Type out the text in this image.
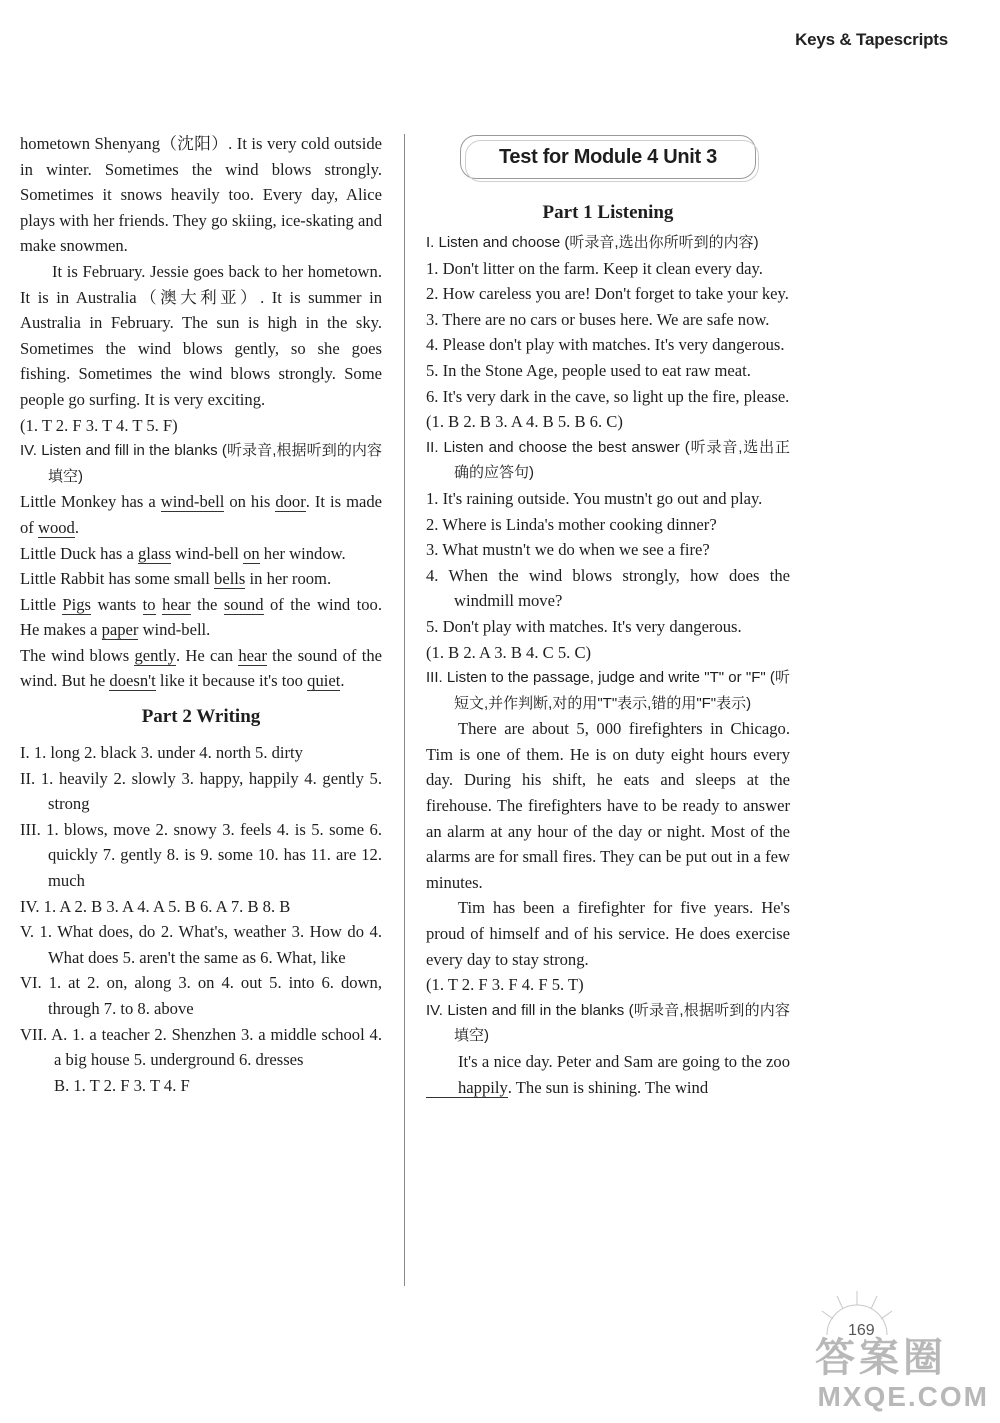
Keys & Tapescripts

hometown Shenyang（沈阳）. It is very cold outside in winter. Sometimes the wind blows strongly. Sometimes it snows heavily too. Every day, Alice plays with her friends. They go skiing, ice-skating and make snowmen.

It is February. Jessie goes back to her hometown. It is in Australia（澳大利亚）. It is summer in Australia in February. The sun is high in the sky. Sometimes the wind blows gently, so she goes fishing. Sometimes the wind blows strongly. Some people go surfing. It is very exciting.

(1. T 2. F 3. T 4. T 5. F)

IV. Listen and fill in the blanks (听录音,根据听到的内容填空)

Little Monkey has a wind-bell on his door. It is made of wood.

Little Duck has a glass wind-bell on her window.

Little Rabbit has some small bells in her room.

Little Pigs wants to hear the sound of the wind too. He makes a paper wind-bell.

The wind blows gently. He can hear the sound of the wind. But he doesn't like it because it's too quiet.

Part 2 Writing

I. 1. long 2. black 3. under 4. north 5. dirty

II. 1. heavily 2. slowly 3. happy, happily 4. gently 5. strong

III. 1. blows, move 2. snowy 3. feels 4. is 5. some 6. quickly 7. gently 8. is 9. some 10. has 11. are 12. much

IV. 1. A 2. B 3. A 4. A 5. B 6. A 7. B 8. B

V. 1. What does, do 2. What's, weather 3. How do 4. What does 5. aren't the same as 6. What, like

VI. 1. at 2. on, along 3. on 4. out 5. into 6. down, through 7. to 8. above

VII. A. 1. a teacher 2. Shenzhen 3. a middle school 4. a big house 5. underground 6. dresses

B. 1. T 2. F 3. T 4. F

Test for Module 4 Unit 3

Part 1 Listening

I. Listen and choose (听录音,选出你所听到的内容)

1. Don't litter on the farm. Keep it clean every day.

2. How careless you are! Don't forget to take your key.

3. There are no cars or buses here. We are safe now.

4. Please don't play with matches. It's very dangerous.

5. In the Stone Age, people used to eat raw meat.

6. It's very dark in the cave, so light up the fire, please.

(1. B 2. B 3. A 4. B 5. B 6. C)

II. Listen and choose the best answer (听录音,选出正确的应答句)

1. It's raining outside. You mustn't go out and play.

2. Where is Linda's mother cooking dinner?

3. What mustn't we do when we see a fire?

4. When the wind blows strongly, how does the windmill move?

5. Don't play with matches. It's very dangerous.

(1. B 2. A 3. B 4. C 5. C)

III. Listen to the passage, judge and write "T" or "F" (听短文,并作判断,对的用"T"表示,错的用"F"表示)

There are about 5, 000 firefighters in Chicago. Tim is one of them. He is on duty eight hours every day. During his shift, he eats and sleeps at the firehouse. The firefighters have to be ready to answer an alarm at any hour of the day or night. Most of the alarms are for small fires. They can be put out in a few minutes.

Tim has been a firefighter for five years. He's proud of himself and of his service. He does exercise every day to stay strong.

(1. T 2. F 3. F 4. F 5. T)

IV. Listen and fill in the blanks (听录音,根据听到的内容填空)

It's a nice day. Peter and Sam are going to the zoo happily. The sun is shining. The wind

169
答案圈
MXQE.COM
